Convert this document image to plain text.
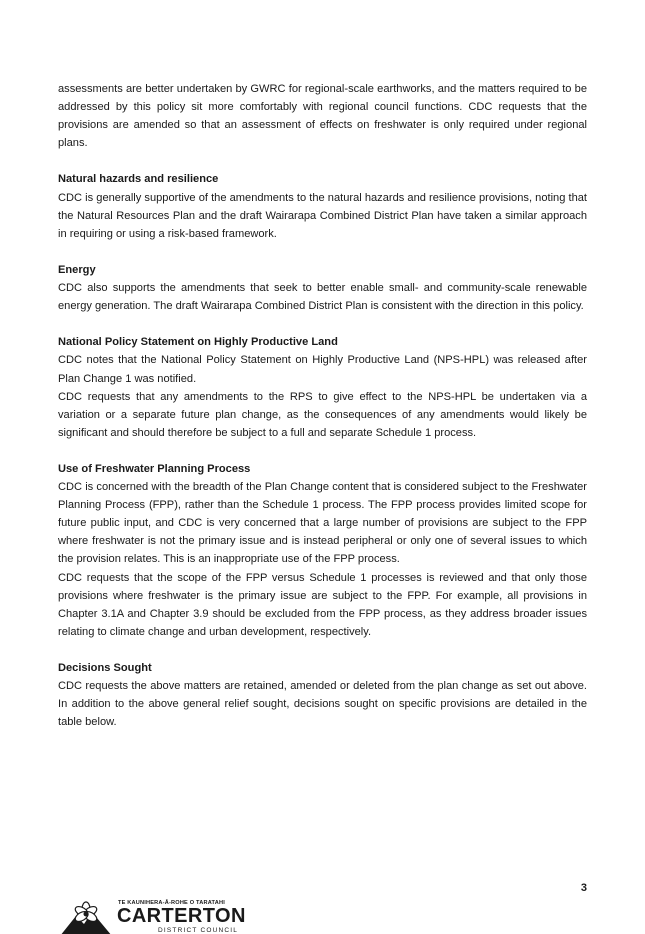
assessments are better undertaken by GWRC for regional-scale earthworks, and the matters required to be addressed by this policy sit more comfortably with regional council functions. CDC requests that the provisions are amended so that an assessment of effects on freshwater is only required under regional plans.

Natural hazards and resilience

CDC is generally supportive of the amendments to the natural hazards and resilience provisions, noting that the Natural Resources Plan and the draft Wairarapa Combined District Plan have taken a similar approach in requiring or using a risk-based framework.

Energy

CDC also supports the amendments that seek to better enable small- and community-scale renewable energy generation. The draft Wairarapa Combined District Plan is consistent with the direction in this policy.

National Policy Statement on Highly Productive Land

CDC notes that the National Policy Statement on Highly Productive Land (NPS-HPL) was released after Plan Change 1 was notified.

CDC requests that any amendments to the RPS to give effect to the NPS-HPL be undertaken via a variation or a separate future plan change, as the consequences of any amendments would likely be significant and should therefore be subject to a full and separate Schedule 1 process.

Use of Freshwater Planning Process

CDC is concerned with the breadth of the Plan Change content that is considered subject to the Freshwater Planning Process (FPP), rather than the Schedule 1 process. The FPP process provides limited scope for future public input, and CDC is very concerned that a large number of provisions are subject to the FPP where freshwater is not the primary issue and is instead peripheral or only one of several issues to which the provision relates. This is an inappropriate use of the FPP process.

CDC requests that the scope of the FPP versus Schedule 1 processes is reviewed and that only those provisions where freshwater is the primary issue are subject to the FPP. For example, all provisions in Chapter 3.1A and Chapter 3.9 should be excluded from the FPP process, as they address broader issues relating to climate change and urban development, respectively.

Decisions Sought

CDC requests the above matters are retained, amended or deleted from the plan change as set out above. In addition to the above general relief sought, decisions sought on specific provisions are detailed in the table below.

3
TE KAUNIHERA-Ā-ROHE O TARATAHI
CARTERTON
DISTRICT COUNCIL
